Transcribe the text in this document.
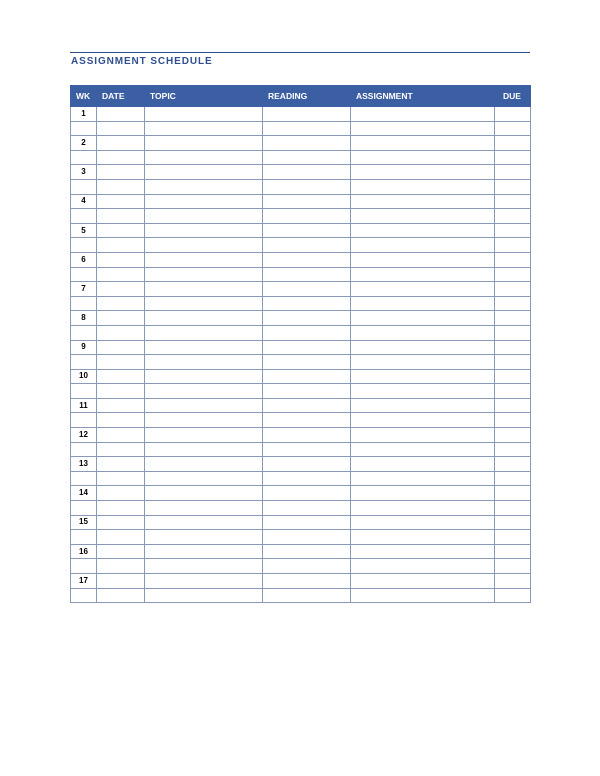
ASSIGNMENT SCHEDULE
WK	DATE	TOPIC	READING	ASSIGNMENT	DUE
1					

2					

3					

4					

5					

6					

7					

8					

9					

10					

11					

12					

13					

14					

15					

16					

17					
